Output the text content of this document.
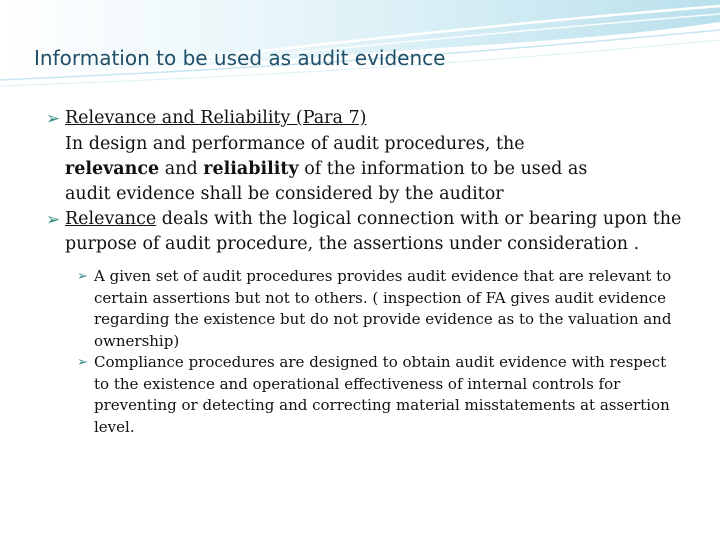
Information to be used as audit evidence
➢ Relevance and Reliability (Para 7)
In design and performance of audit procedures, the
relevance and reliability of the information to be used as
audit evidence shall be considered by the auditor
➢ Relevance deals with the logical connection with or bearing upon the purpose of audit procedure, the assertions under consideration .
➢ A given set of audit procedures provides audit evidence that are relevant to certain assertions but not to others. ( inspection of FA gives audit evidence regarding the existence but do not provide evidence as to the valuation and ownership)
➢ Compliance procedures are designed to obtain audit evidence with respect to the existence and operational effectiveness of internal controls for preventing or detecting and correcting material misstatements at assertion level.
